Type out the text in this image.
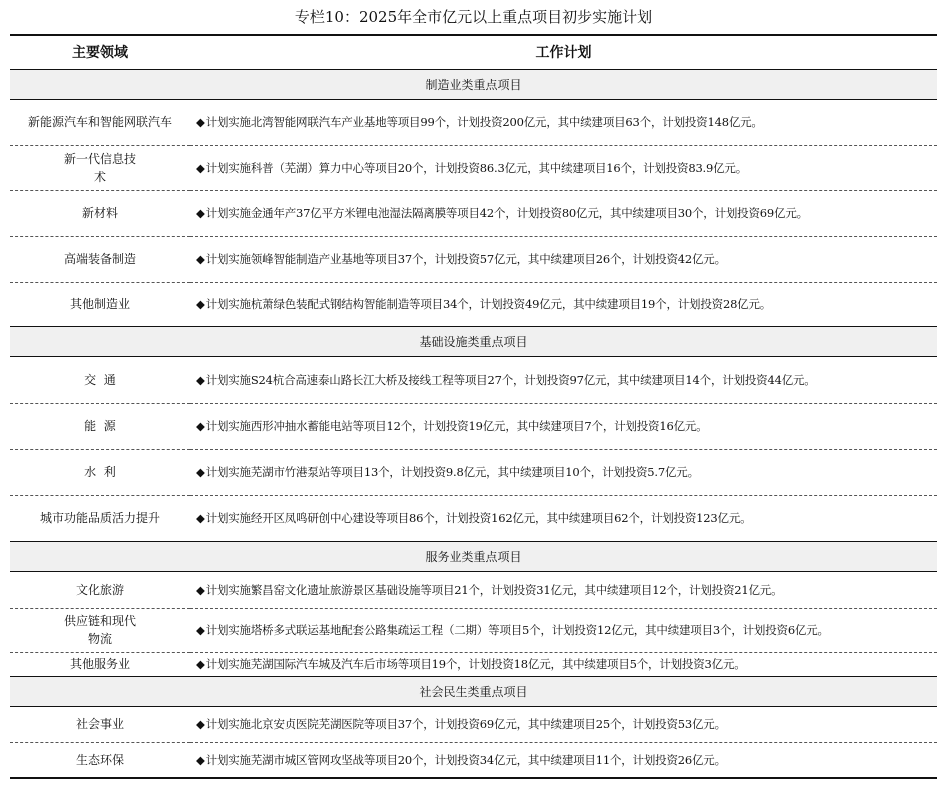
专栏10：2025年全市亿元以上重点项目初步实施计划
主要领域	工作计划
制造业类重点项目	
新能源汽车和智能网联汽车	◆计划实施北湾智能网联汽车产业基地等项目99个，计划投资200亿元，其中续建项目63个，计划投资148亿元。
新一代信息技术	◆计划实施科普（芜湖）算力中心等项目20个，计划投资86.3亿元，其中续建项目16个，计划投资83.9亿元。
新材料	◆计划实施金通年产37亿平方米锂电池湿法隔离膜等项目42个，计划投资80亿元，其中续建项目30个，计划投资69亿元。
高端装备制造	◆计划实施领峰智能制造产业基地等项目37个，计划投资57亿元，其中续建项目26个，计划投资42亿元。
其他制造业	◆计划实施杭萧绿色装配式钢结构智能制造等项目34个，计划投资49亿元，其中续建项目19个，计划投资28亿元。
基础设施类重点项目	
交  通	◆计划实施S24杭合高速泰山路长江大桥及接线工程等项目27个，计划投资97亿元，其中续建项目14个，计划投资44亿元。
能  源	◆计划实施西形冲抽水蓄能电站等项目12个，计划投资19亿元，其中续建项目7个，计划投资16亿元。
水  利	◆计划实施芜湖市竹港泵站等项目13个，计划投资9.8亿元，其中续建项目10个，计划投资5.7亿元。
城市功能品质活力提升	◆计划实施经开区凤鸣研创中心建设等项目86个，计划投资162亿元，其中续建项目62个，计划投资123亿元。
服务业类重点项目	
文化旅游	◆计划实施繁昌窑文化遗址旅游景区基础设施等项目21个，计划投资31亿元，其中续建项目12个，计划投资21亿元。
供应链和现代物流	◆计划实施塔桥多式联运基地配套公路集疏运工程（二期）等项目5个，计划投资12亿元，其中续建项目3个，计划投资6亿元。
其他服务业	◆计划实施芜湖国际汽车城及汽车后市场等项目19个，计划投资18亿元，其中续建项目5个，计划投资3亿元。
社会民生类重点项目	
社会事业	◆计划实施北京安贞医院芜湖医院等项目37个，计划投资69亿元，其中续建项目25个，计划投资53亿元。
生态环保	◆计划实施芜湖市城区管网攻坚战等项目20个，计划投资34亿元，其中续建项目11个，计划投资26亿元。
